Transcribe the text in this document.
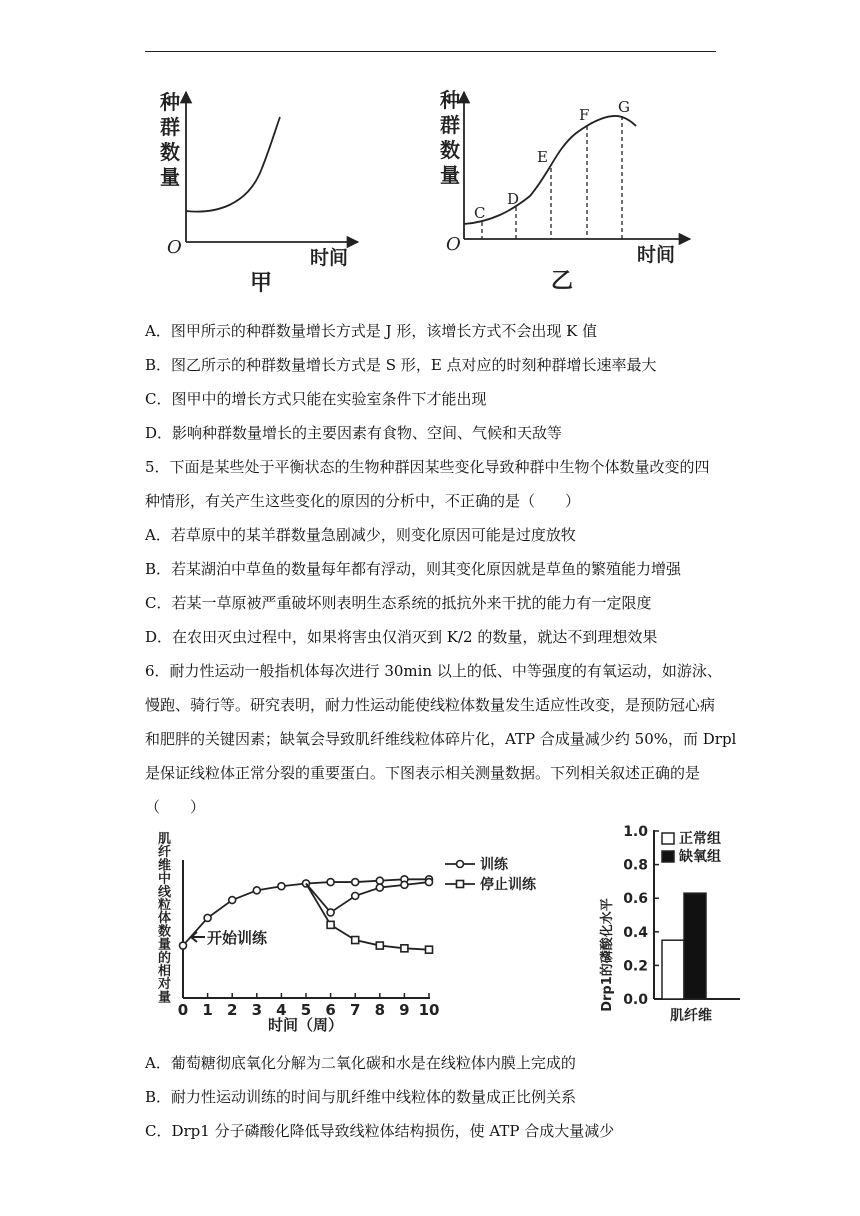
种
群
数
量
O	时间
甲
C
D
E
F G
种
群
数
量
O	时间
乙
A．图甲所示的种群数量增长方式是 J 形，该增长方式不会出现 K 值
B．图乙所示的种群数量增长方式是 S 形，E 点对应的时刻种群增长速率最大
C．图甲中的增长方式只能在实验室条件下才能出现
D．影响种群数量增长的主要因素有食物、空间、气候和天敌等
5．下面是某些处于平衡状态的生物种群因某些变化导致种群中生物个体数量改变的四
种情形，有关产生这些变化的原因的分析中，不正确的是（　　）
A．若草原中的某羊群数量急剧减少，则变化原因可能是过度放牧
B．若某湖泊中草鱼的数量每年都有浮动，则其变化原因就是草鱼的繁殖能力增强
C．若某一草原被严重破坏则表明生态系统的抵抗外来干扰的能力有一定限度
D．在农田灭虫过程中，如果将害虫仅消灭到 K/2 的数量，就达不到理想效果
6．耐力性运动一般指机体每次进行 30min 以上的低、中等强度的有氧运动，如游泳、
慢跑、骑行等。研究表明，耐力性运动能使线粒体数量发生适应性改变，是预防冠心病
和肥胖的关键因素；缺氧会导致肌纤维线粒体碎片化，ATP 合成量减少约 50%，而 Drpl
是保证线粒体正常分裂的重要蛋白。下图表示相关测量数据。下列相关叙述正确的是
（　　）
肌
纤
维
中
线
粒
体
数
量
的
相
对
量
0 1 2 3 4 5 6 7 8 9 10
时间（周）
开始训练
训练
停止训练
Drp1的磷酸化水平 0.0
0.2
0.4
0.6
0.8
1.0
肌纤维
正常组
缺氧组
A．葡萄糖彻底氧化分解为二氧化碳和水是在线粒体内膜上完成的
B．耐力性运动训练的时间与肌纤维中线粒体的数量成正比例关系
C．Drp1 分子磷酸化降低导致线粒体结构损伤，使 ATP 合成大量减少
